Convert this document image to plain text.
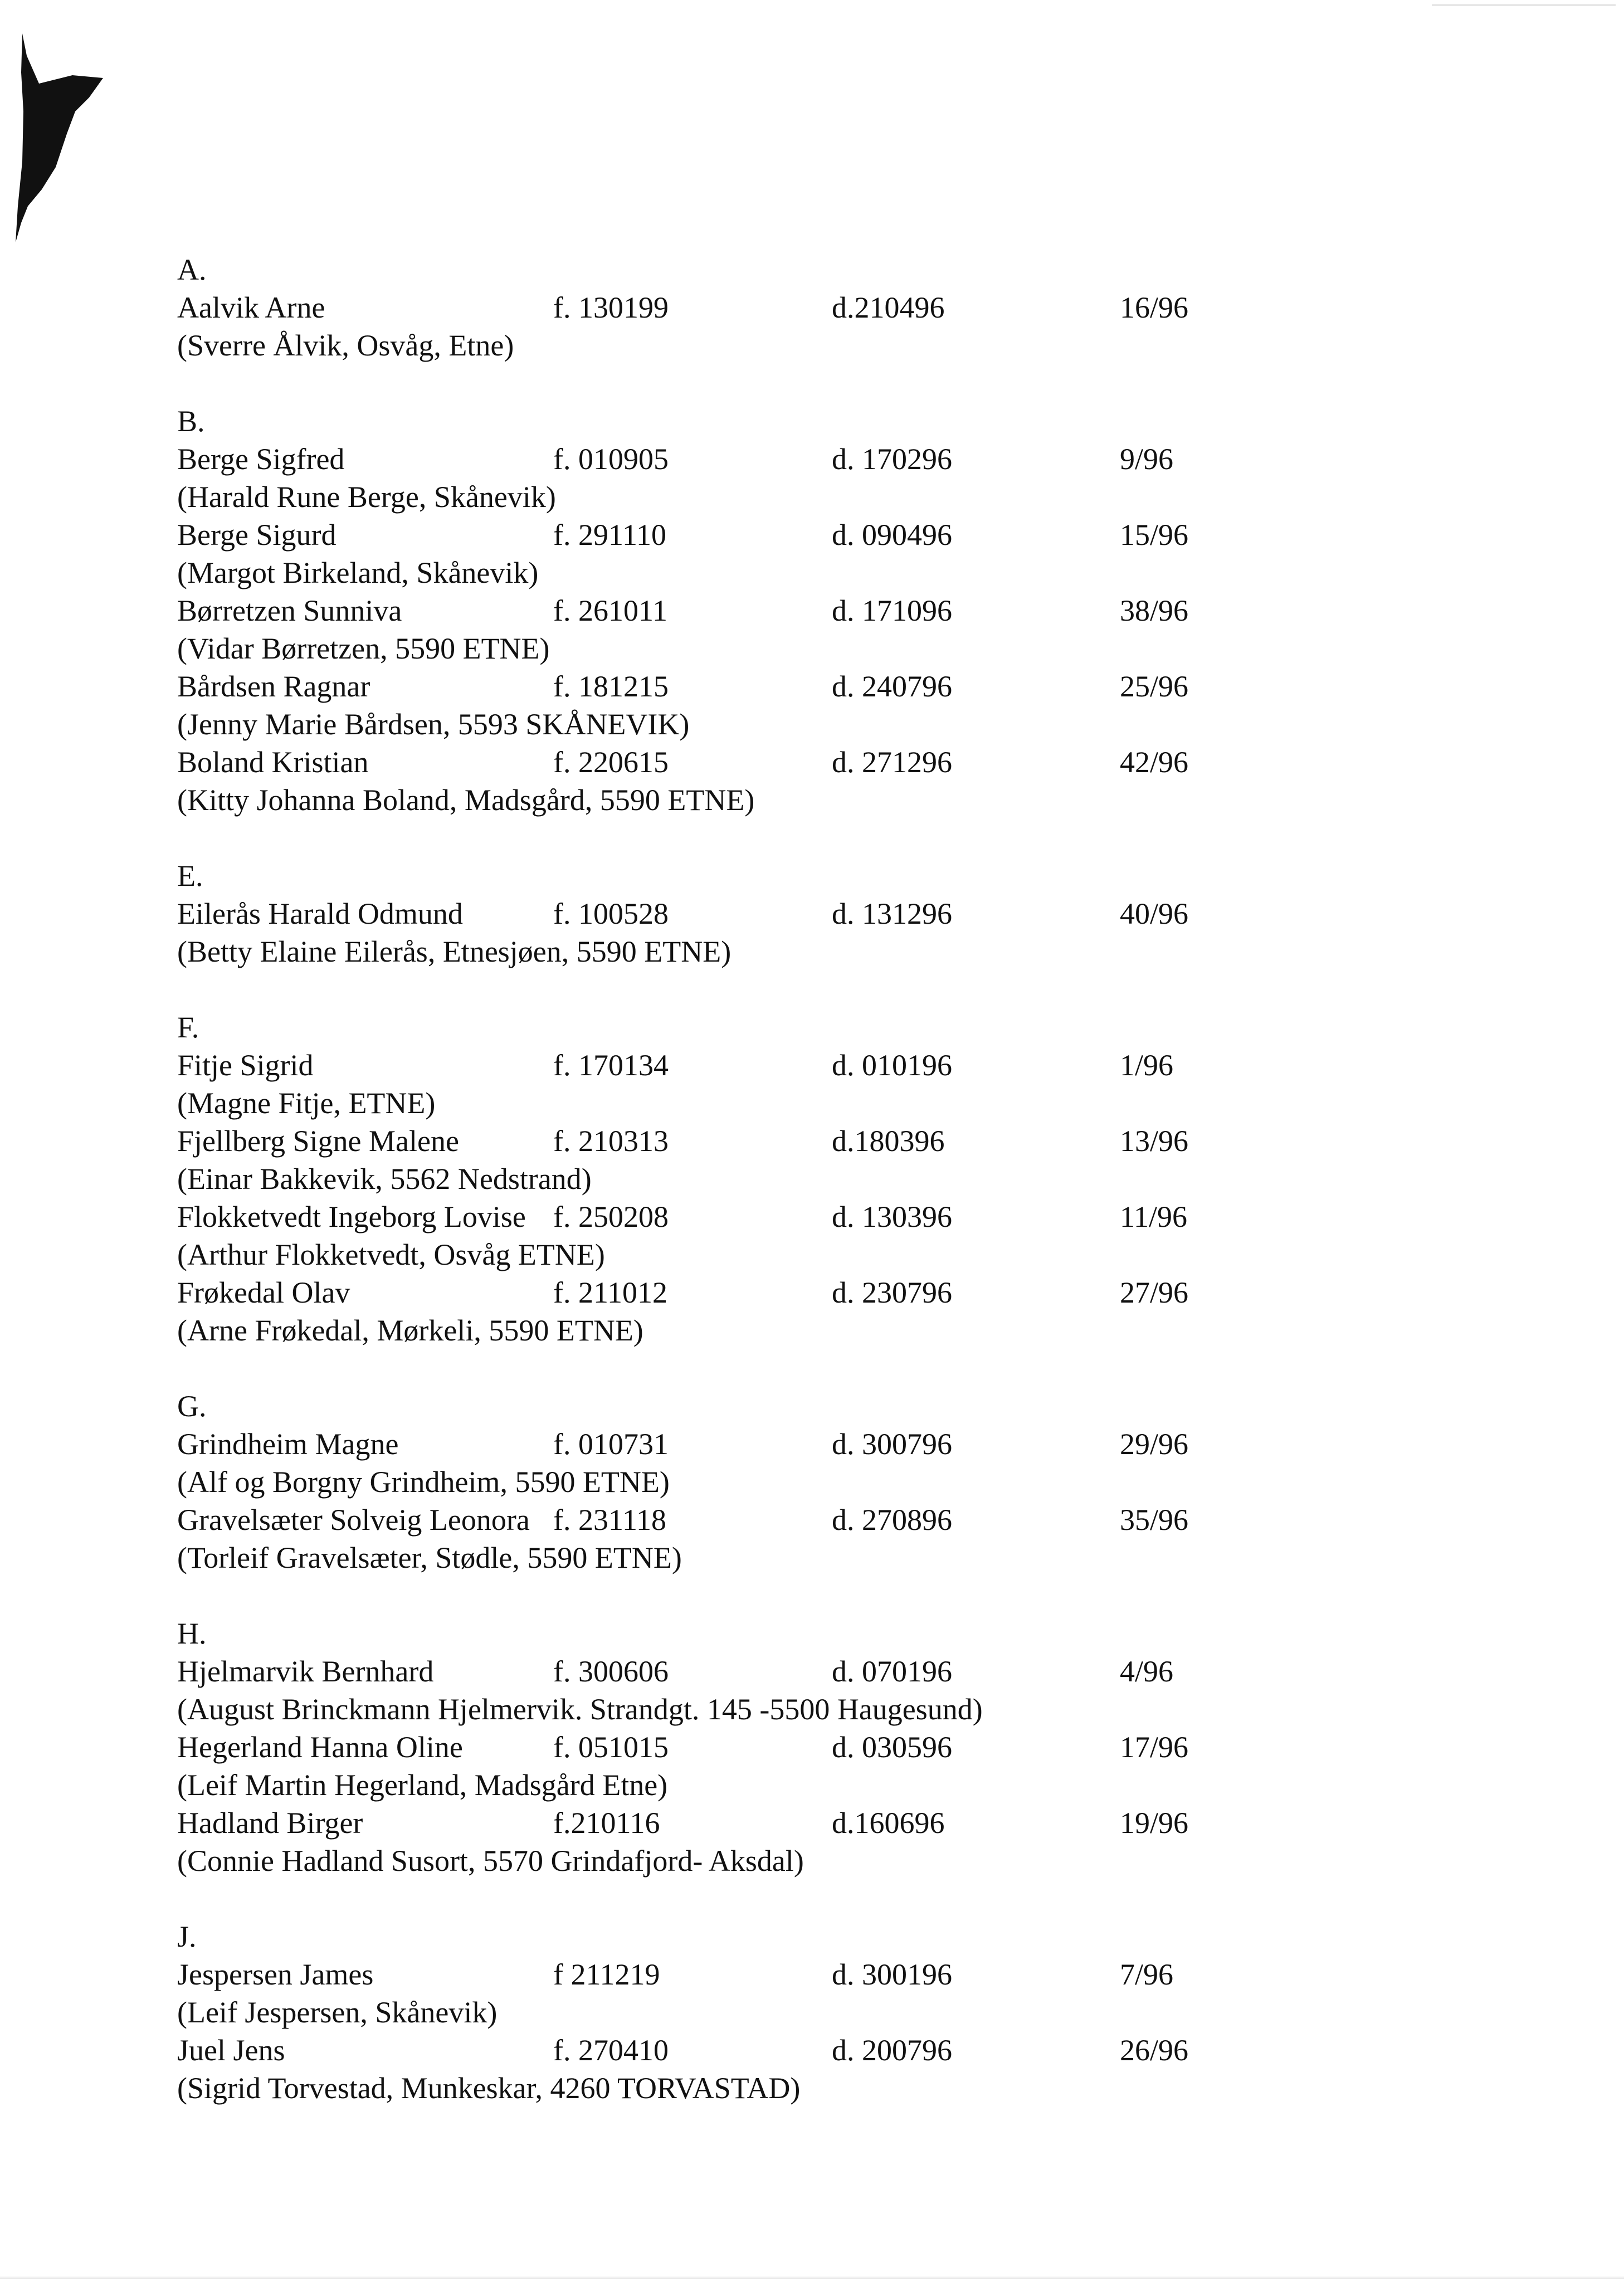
A.
Aalvik Arne	f. 130199	d.210496	16/96
(Sverre Ålvik, Osvåg, Etne)
B.
Berge Sigfred	f. 010905	d. 170296	9/96
(Harald Rune Berge, Skånevik)
Berge Sigurd	f. 291110	d. 090496	15/96
(Margot Birkeland, Skånevik)
Børretzen Sunniva	f. 261011	d. 171096	38/96
(Vidar Børretzen, 5590 ETNE)
Bårdsen Ragnar	f. 181215	d. 240796	25/96
(Jenny Marie Bårdsen, 5593 SKÅNEVIK)
Boland Kristian	f. 220615	d. 271296	42/96
(Kitty Johanna Boland, Madsgård, 5590 ETNE)
E.
Eilerås Harald Odmund	f. 100528	d. 131296	40/96
(Betty Elaine Eilerås, Etnesjøen, 5590 ETNE)
F.
Fitje Sigrid	f. 170134	d. 010196	1/96
(Magne Fitje, ETNE)
Fjellberg Signe Malene	f. 210313	d.180396	13/96
(Einar Bakkevik, 5562 Nedstrand)
Flokketvedt Ingeborg Lovise f. 250208	d. 130396	11/96
(Arthur Flokketvedt, Osvåg ETNE)
Frøkedal Olav	f. 211012	d. 230796	27/96
(Arne Frøkedal, Mørkeli, 5590 ETNE)
G.
Grindheim Magne	f. 010731	d. 300796	29/96
(Alf og Borgny Grindheim, 5590 ETNE)
Gravelsæter Solveig Leonora f. 231118	d. 270896	35/96
(Torleif Gravelsæter, Stødle, 5590 ETNE)
H.
Hjelmarvik Bernhard	f. 300606	d. 070196	4/96
(August Brinckmann Hjelmervik. Strandgt. 145 -5500 Haugesund)
Hegerland Hanna Oline	f. 051015	d. 030596	17/96
(Leif Martin Hegerland, Madsgård Etne)
Hadland Birger	f.210116	d.160696	19/96
(Connie Hadland Susort, 5570 Grindafjord- Aksdal)
J.
Jespersen James	f 211219	d. 300196	7/96
(Leif Jespersen, Skånevik)
Juel Jens	f. 270410	d. 200796	26/96
(Sigrid Torvestad, Munkeskar, 4260 TORVASTAD)
